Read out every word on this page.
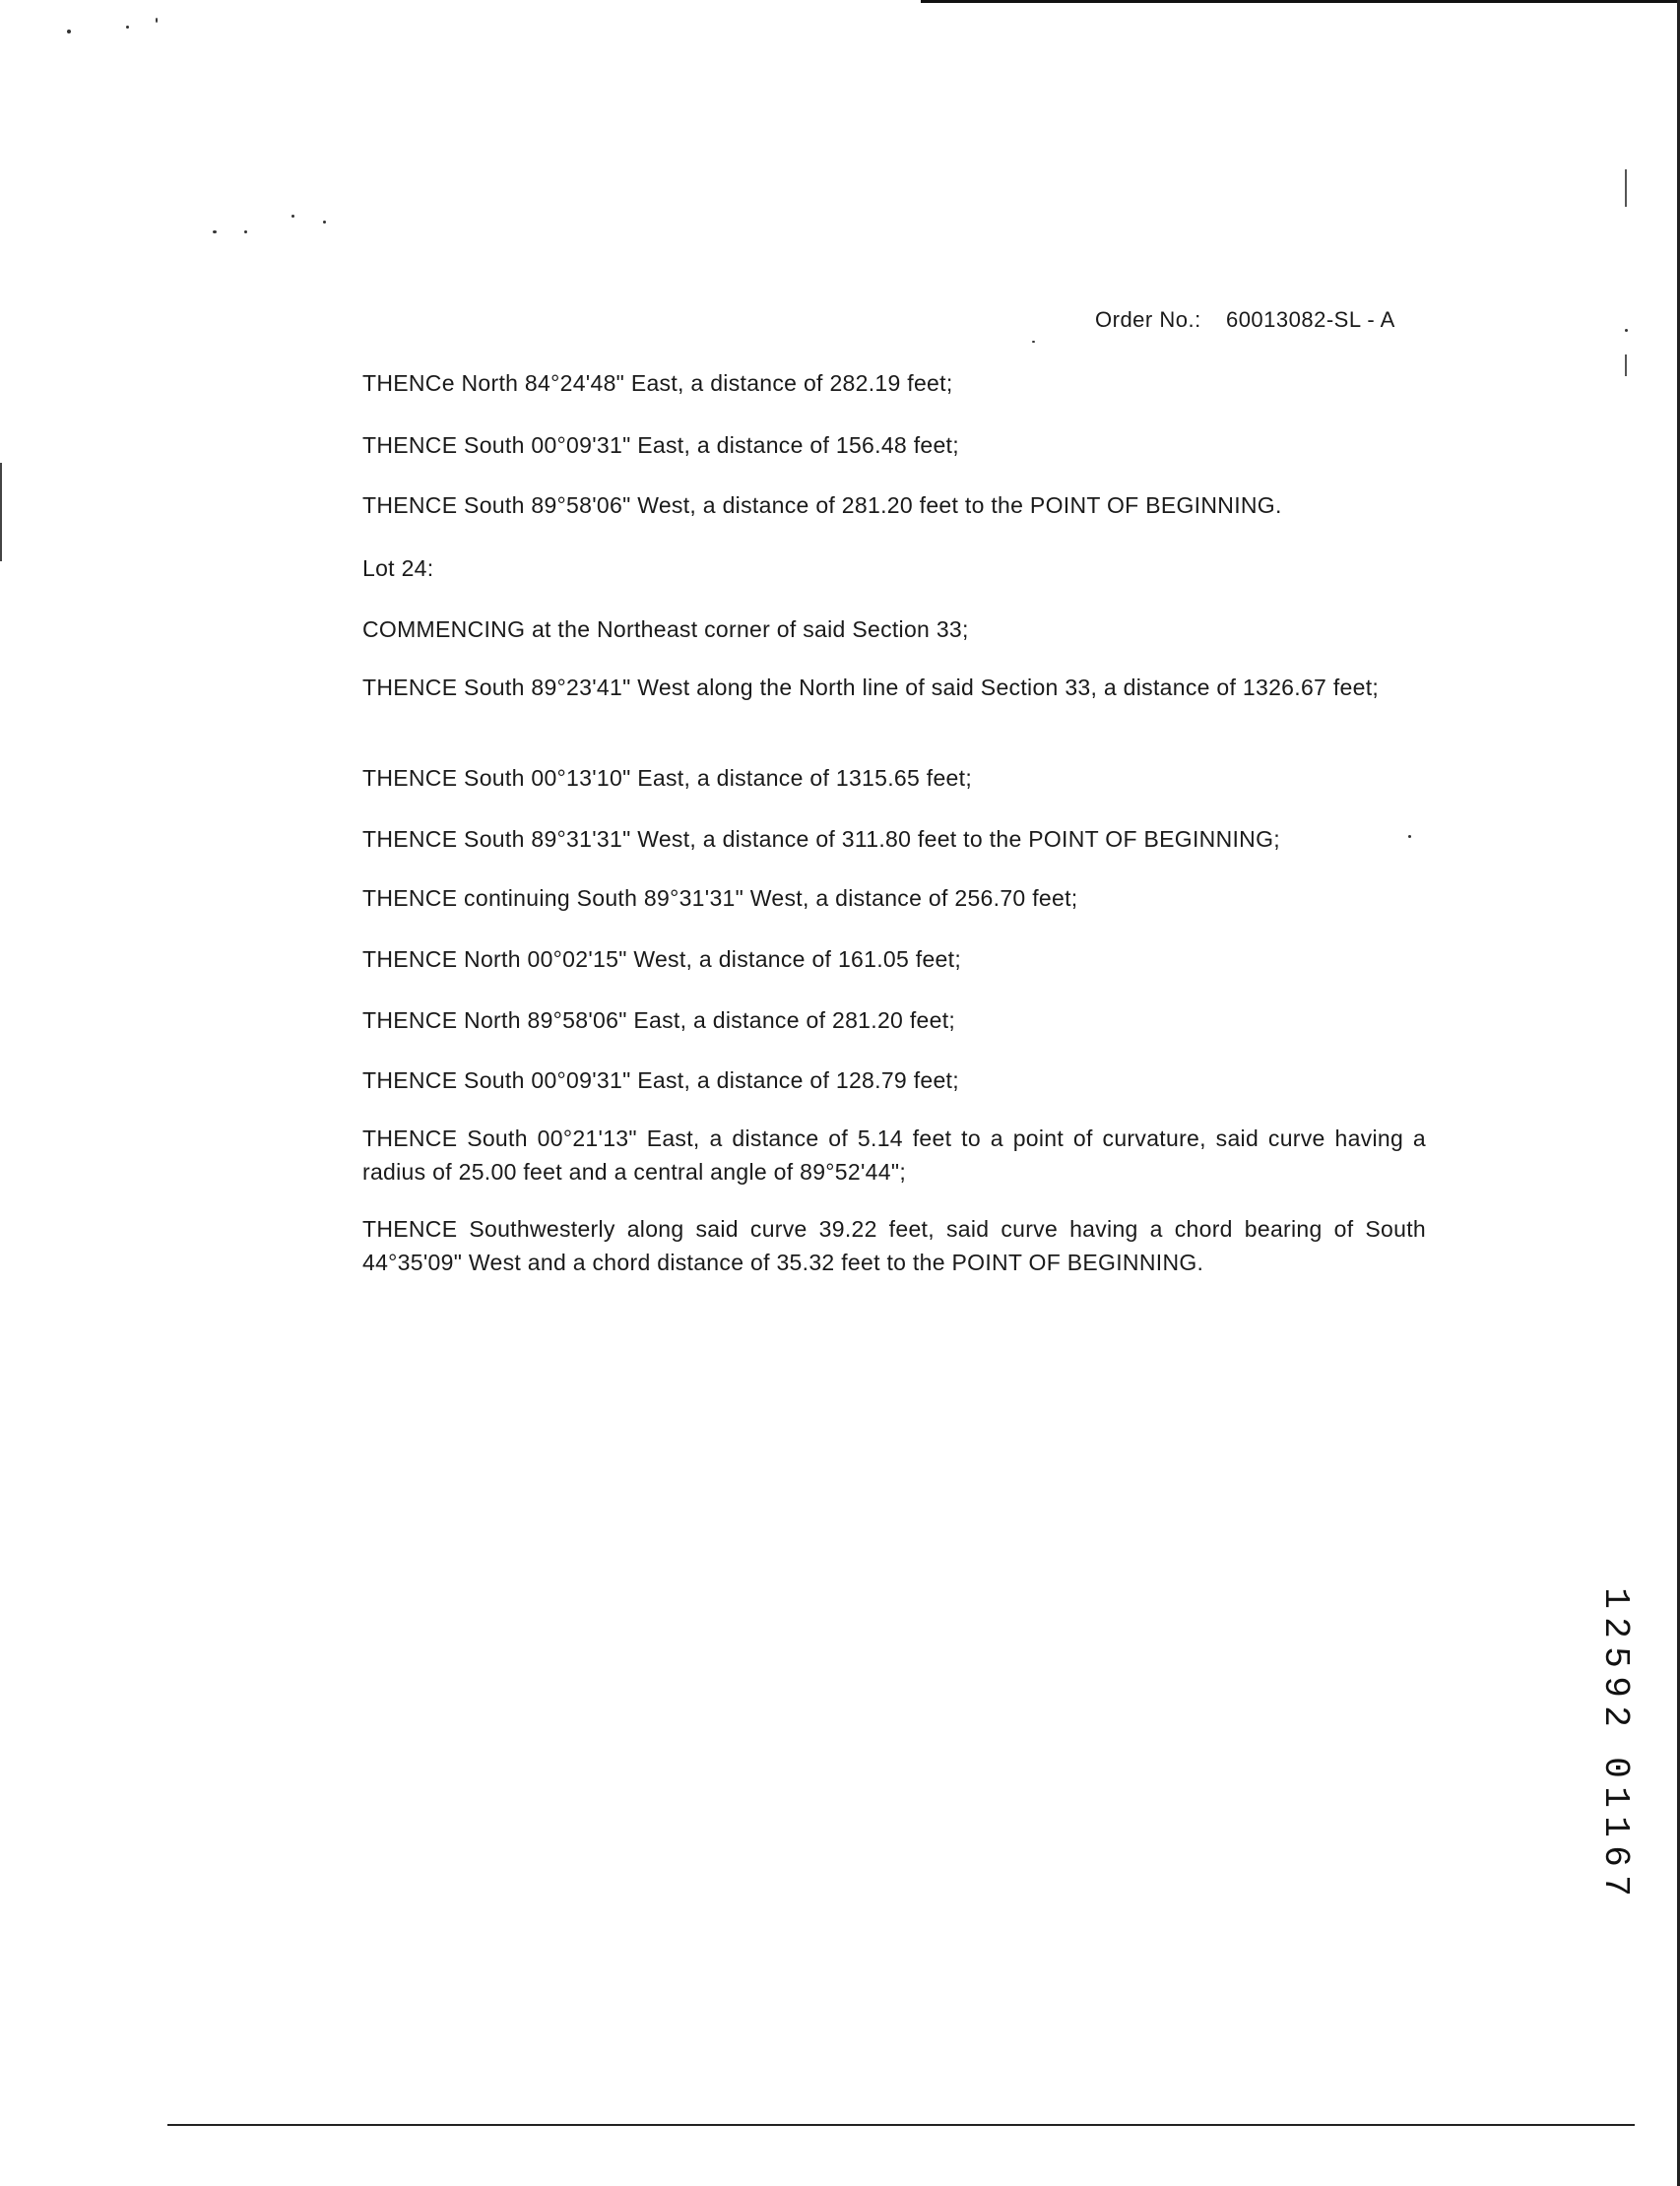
Order No.: 60013082-SL - A

THENCe North 84°24'48" East, a distance of 282.19 feet;

THENCE South 00°09'31" East, a distance of 156.48 feet;

THENCE South 89°58'06" West, a distance of 281.20 feet to the POINT OF BEGINNING.

Lot 24:

COMMENCING at the Northeast corner of said Section 33;

THENCE South 89°23'41" West along the North line of said Section 33, a distance of 1326.67 feet;

THENCE South 00°13'10" East, a distance of 1315.65 feet;

THENCE South 89°31'31" West, a distance of 311.80 feet to the POINT OF BEGINNING;

THENCE continuing South 89°31'31" West, a distance of 256.70 feet;

THENCE North 00°02'15" West, a distance of 161.05 feet;

THENCE North 89°58'06" East, a distance of 281.20 feet;

THENCE South 00°09'31" East, a distance of 128.79 feet;

THENCE South 00°21'13" East, a distance of 5.14 feet to a point of curvature, said curve having a radius of 25.00 feet and a central angle of 89°52'44";

THENCE Southwesterly along said curve 39.22 feet, said curve having a chord bearing of South 44°35'09" West and a chord distance of 35.32 feet to the POINT OF BEGINNING.

1
2
5
9
2
0
1
1
6
7
